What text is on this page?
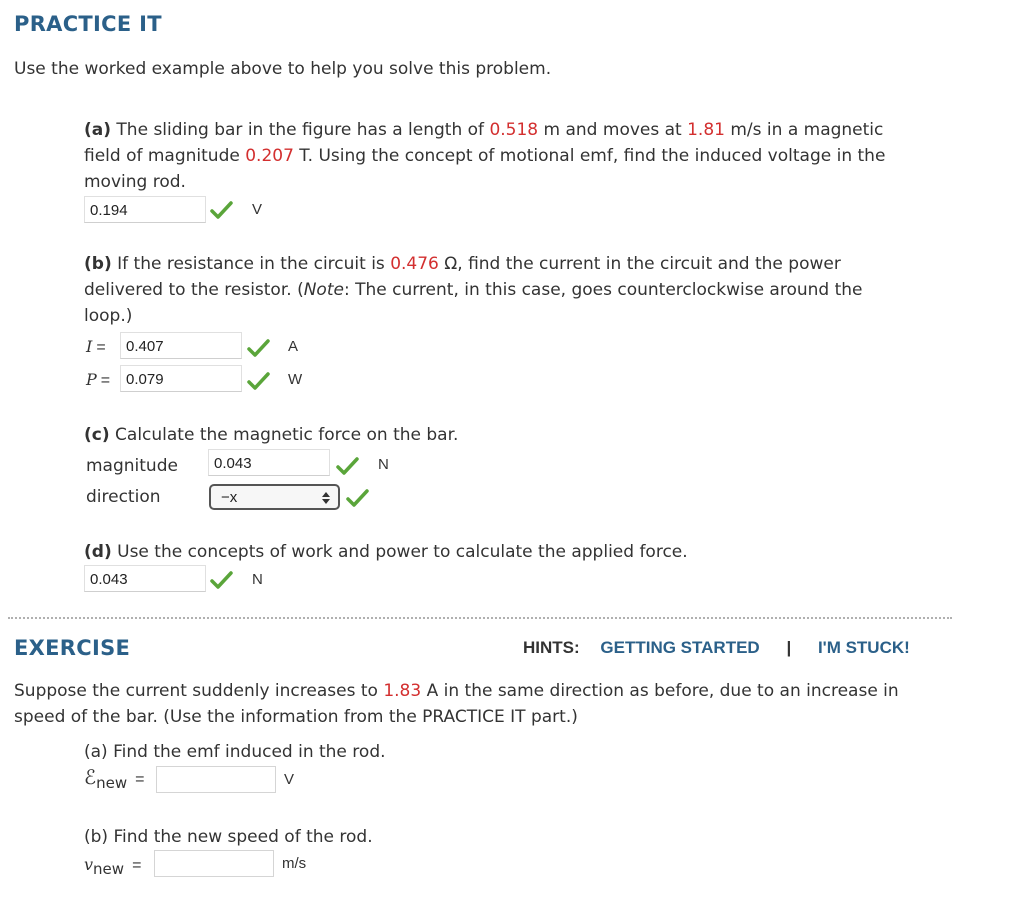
PRACTICE IT
Use the worked example above to help you solve this problem.
(a) The sliding bar in the figure has a length of 0.518 m and moves at 1.81 m/s in a magnetic
field of magnitude 0.207 T. Using the concept of motional emf, find the induced voltage in the
moving rod.
0.194	V
(b) If the resistance in the circuit is 0.476 Ω, find the current in the circuit and the power
delivered to the resistor. (Note: The current, in this case, goes counterclockwise around the
loop.)
I =	0.407	A
P =	0.079	W
(c) Calculate the magnetic force on the bar.
magnitude	0.043	N
direction	−x
(d) Use the concepts of work and power to calculate the applied force.
0.043	N
EXERCISE	HINTS: GETTING STARTED | I'M STUCK!
Suppose the current suddenly increases to 1.83 A in the same direction as before, due to an increase in
speed of the bar. (Use the information from the PRACTICE IT part.)
(a) Find the emf induced in the rod.
ℰ$_{new}$ =	V
(b) Find the new speed of the rod.
$v_{new}$ =	m/s
